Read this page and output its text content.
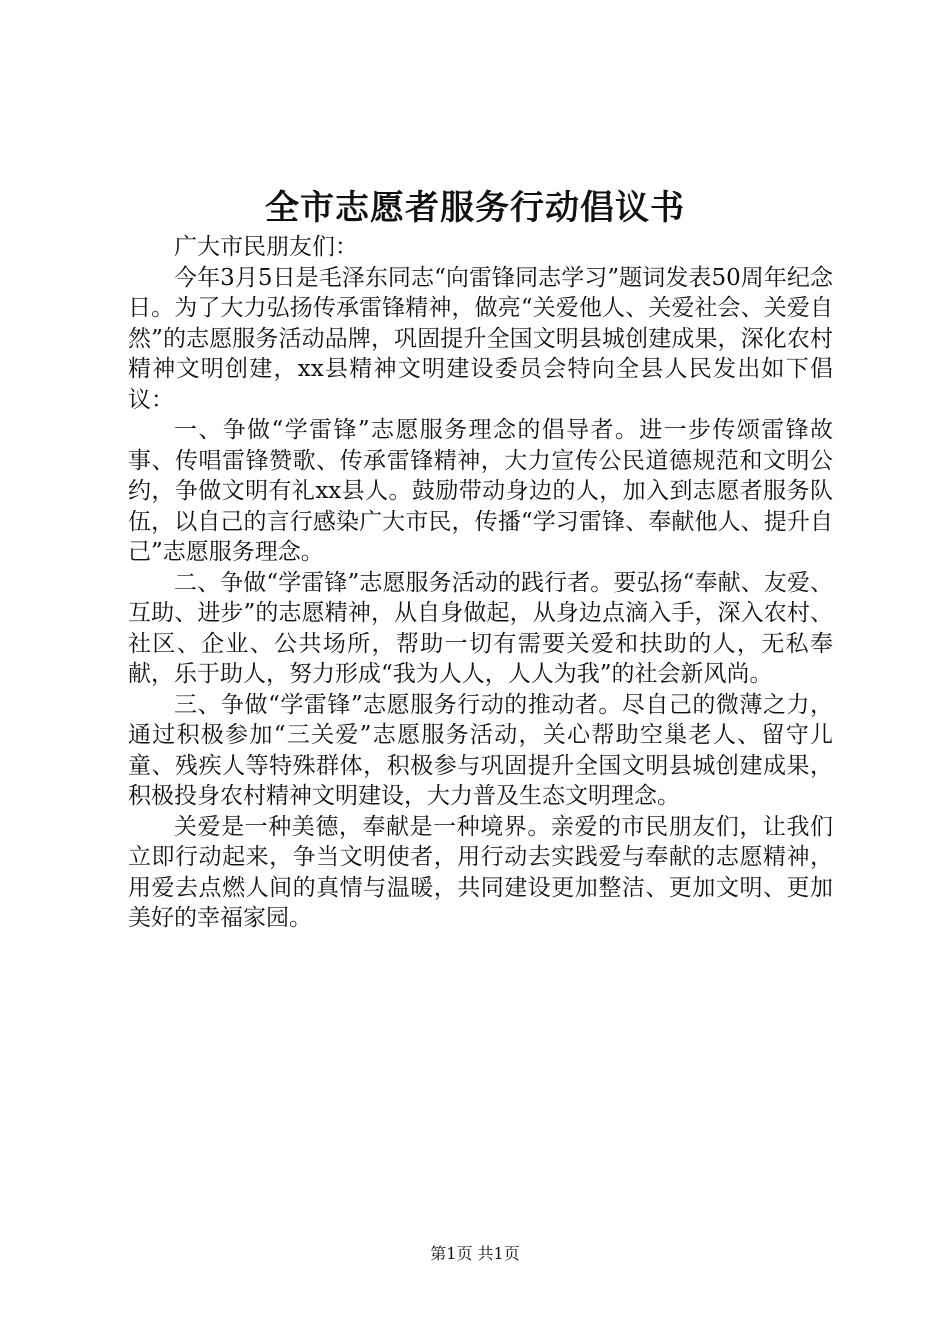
全市志愿者服务行动倡议书

广大市民朋友们：

今年3月5日是毛泽东同志“向雷锋同志学习”题词发表50周年纪念日。为了大力弘扬传承雷锋精神，做亮“关爱他人、关爱社会、关爱自然”的志愿服务活动品牌，巩固提升全国文明县城创建成果，深化农村精神文明创建，xx县精神文明建设委员会特向全县人民发出如下倡议：

一、争做“学雷锋”志愿服务理念的倡导者。进一步传颂雷锋故事、传唱雷锋赞歌、传承雷锋精神，大力宣传公民道德规范和文明公约，争做文明有礼xx县人。鼓励带动身边的人，加入到志愿者服务队伍，以自己的言行感染广大市民，传播“学习雷锋、奉献他人、提升自己”志愿服务理念。

二、争做“学雷锋”志愿服务活动的践行者。要弘扬“奉献、友爱、互助、进步”的志愿精神，从自身做起，从身边点滴入手，深入农村、社区、企业、公共场所，帮助一切有需要关爱和扶助的人，无私奉献，乐于助人，努力形成“我为人人，人人为我”的社会新风尚。

三、争做“学雷锋”志愿服务行动的推动者。尽自己的微薄之力，通过积极参加“三关爱”志愿服务活动，关心帮助空巢老人、留守儿童、残疾人等特殊群体，积极参与巩固提升全国文明县城创建成果，积极投身农村精神文明建设，大力普及生态文明理念。

关爱是一种美德，奉献是一种境界。亲爱的市民朋友们，让我们立即行动起来，争当文明使者，用行动去实践爱与奉献的志愿精神，用爱去点燃人间的真情与温暖，共同建设更加整洁、更加文明、更加美好的幸福家园。

第1页 共1页
